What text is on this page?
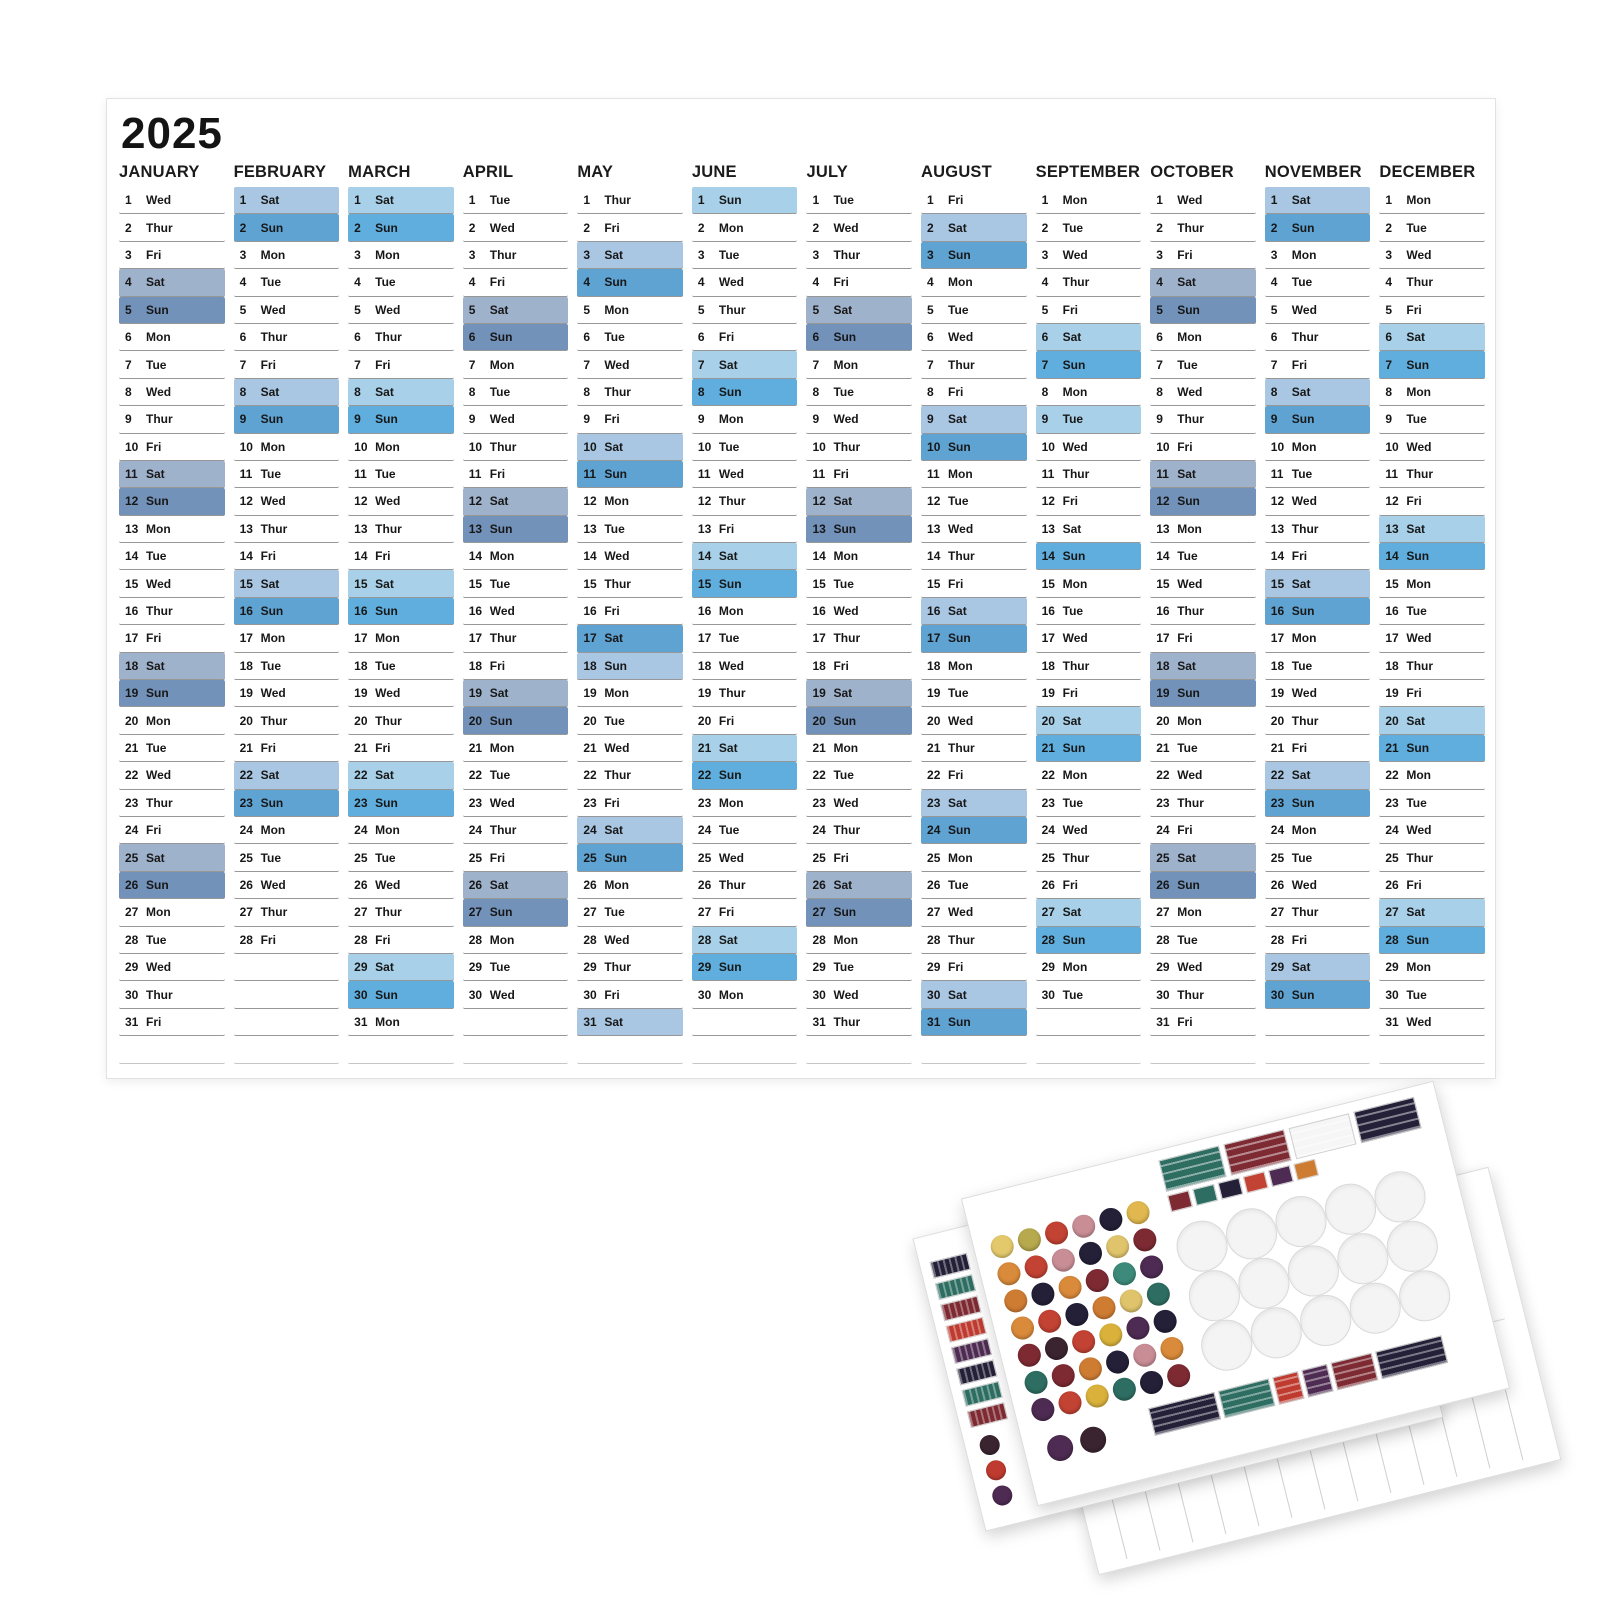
2025
JANUARY
1	Wed
2	Thur
3	Fri
4	Sat
5	Sun
6	Mon
7	Tue
8	Wed
9	Thur
10 Fri
11 Sat
12 Sun
13 Mon
14 Tue
15 Wed
16 Thur
17 Fri
18 Sat
19 Sun
20 Mon
21 Tue
22 Wed
23 Thur
24 Fri
25 Sat
26 Sun
27 Mon
28 Tue
29 Wed
30 Thur
31 Fri
FEBRUARY
1	Sat
2	Sun
3	Mon
4	Tue
5	Wed
6	Thur
7	Fri
8	Sat
9	Sun
10 Mon
11 Tue
12 Wed
13 Thur
14 Fri
15 Sat
16 Sun
17 Mon
18 Tue
19 Wed
20 Thur
21 Fri
22 Sat
23 Sun
24 Mon
25 Tue
26 Wed
27 Thur
28 Fri
MARCH
1	Sat
2	Sun
3	Mon
4	Tue
5	Wed
6	Thur
7	Fri
8	Sat
9	Sun
10 Mon
11 Tue
12 Wed
13 Thur
14 Fri
15 Sat
16 Sun
17 Mon
18 Tue
19 Wed
20 Thur
21 Fri
22 Sat
23 Sun
24 Mon
25 Tue
26 Wed
27 Thur
28 Fri
29 Sat
30 Sun
31 Mon
APRIL
1	Tue
2	Wed
3	Thur
4	Fri
5	Sat
6	Sun
7	Mon
8	Tue
9	Wed
10 Thur
11 Fri
12 Sat
13 Sun
14 Mon
15 Tue
16 Wed
17 Thur
18 Fri
19 Sat
20 Sun
21 Mon
22 Tue
23 Wed
24 Thur
25 Fri
26 Sat
27 Sun
28 Mon
29 Tue
30 Wed
MAY
1	Thur
2	Fri
3	Sat
4	Sun
5	Mon
6	Tue
7	Wed
8	Thur
9	Fri
10 Sat
11 Sun
12 Mon
13 Tue
14 Wed
15 Thur
16 Fri
17 Sat
18 Sun
19 Mon
20 Tue
21 Wed
22 Thur
23 Fri
24 Sat
25 Sun
26 Mon
27 Tue
28 Wed
29 Thur
30 Fri
31 Sat
JUNE
1	Sun
2	Mon
3	Tue
4	Wed
5	Thur
6	Fri
7	Sat
8	Sun
9	Mon
10 Tue
11 Wed
12 Thur
13 Fri
14 Sat
15 Sun
16 Mon
17 Tue
18 Wed
19 Thur
20 Fri
21 Sat
22 Sun
23 Mon
24 Tue
25 Wed
26 Thur
27 Fri
28 Sat
29 Sun
30 Mon
JULY
1	Tue
2	Wed
3	Thur
4	Fri
5	Sat
6	Sun
7	Mon
8	Tue
9	Wed
10 Thur
11 Fri
12 Sat
13 Sun
14 Mon
15 Tue
16 Wed
17 Thur
18 Fri
19 Sat
20 Sun
21 Mon
22 Tue
23 Wed
24 Thur
25 Fri
26 Sat
27 Sun
28 Mon
29 Tue
30 Wed
31 Thur
AUGUST
1	Fri
2	Sat
3	Sun
4	Mon
5	Tue
6	Wed
7	Thur
8	Fri
9	Sat
10 Sun
11 Mon
12 Tue
13 Wed
14 Thur
15 Fri
16 Sat
17 Sun
18 Mon
19 Tue
20 Wed
21 Thur
22 Fri
23 Sat
24 Sun
25 Mon
26 Tue
27 Wed
28 Thur
29 Fri
30 Sat
31 Sun
SEPTEMBER
1	Mon
2	Tue
3	Wed
4	Thur
5	Fri
6	Sat
7	Sun
8	Mon
9	Tue
10 Wed
11 Thur
12 Fri
13 Sat
14 Sun
15 Mon
16 Tue
17 Wed
18 Thur
19 Fri
20 Sat
21 Sun
22 Mon
23 Tue
24 Wed
25 Thur
26 Fri
27 Sat
28 Sun
29 Mon
30 Tue
OCTOBER
1	Wed
2	Thur
3	Fri
4	Sat
5	Sun
6	Mon
7	Tue
8	Wed
9	Thur
10 Fri
11 Sat
12 Sun
13 Mon
14 Tue
15 Wed
16 Thur
17 Fri
18 Sat
19 Sun
20 Mon
21 Tue
22 Wed
23 Thur
24 Fri
25 Sat
26 Sun
27 Mon
28 Tue
29 Wed
30 Thur
31 Fri
NOVEMBER
1	Sat
2	Sun
3	Mon
4	Tue
5	Wed
6	Thur
7	Fri
8	Sat
9	Sun
10 Mon
11 Tue
12 Wed
13 Thur
14 Fri
15 Sat
16 Sun
17 Mon
18 Tue
19 Wed
20 Thur
21 Fri
22 Sat
23 Sun
24 Mon
25 Tue
26 Wed
27 Thur
28 Fri
29 Sat
30 Sun
DECEMBER
1	Mon
2	Tue
3	Wed
4	Thur
5	Fri
6	Sat
7	Sun
8	Mon
9	Tue
10 Wed
11 Thur
12 Fri
13 Sat
14 Sun
15 Mon
16 Tue
17 Wed
18 Thur
19 Fri
20 Sat
21 Sun
22 Mon
23 Tue
24 Wed
25 Thur
26 Fri
27 Sat
28 Sun
29 Mon
30 Tue
31 Wed
